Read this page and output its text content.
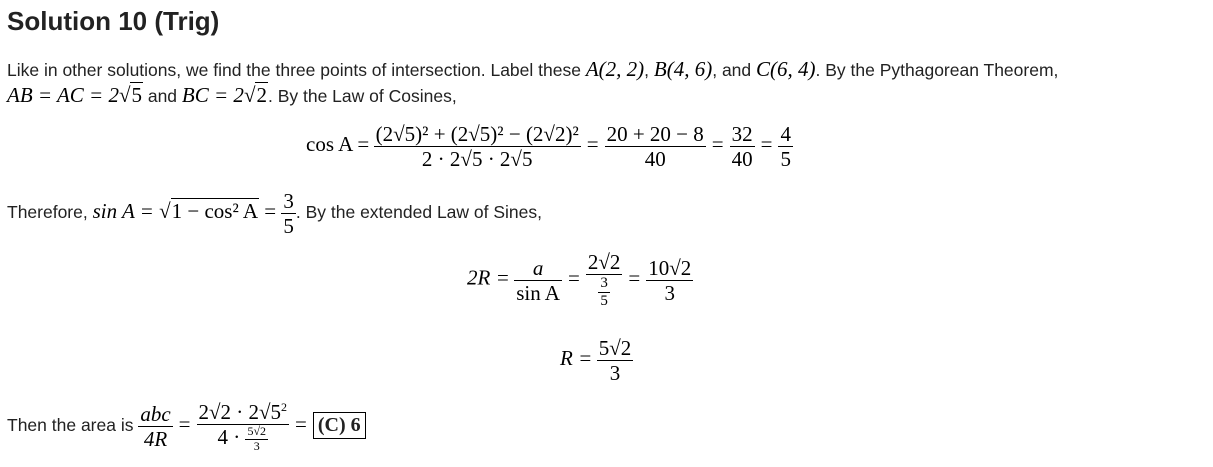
Solution 10 (Trig)
Like in other solutions, we find the three points of intersection. Label these A(2, 2), B(4, 6), and C(6, 4). By the Pythagorean Theorem,
AB = AC = 2√5 and BC = 2√2. By the Law of Cosines,
$\cos A = \frac{\text{(2√5)² + (2√5)² − (2√2)²}}{2 \cdot 2√5 \cdot 2√5} = \frac{20 + 20 - 8}{40} = \frac{32}{40} = \frac{4}{5}$
Therefore, sin A = √1 − cos² $A = \frac{3}{5}$ . By the extended Law of Sines,
$2R = \frac{a}{\text{sin A}} = \frac{2√2}{\frac{3}{5}} = \frac{10√2}{3}$
$R = \frac{5√2}{3}$
Then the area is $\frac{\text{abc}}{4R} = \frac{2√2 \cdot 2√5^2}{4 \cdot \frac{5√2}{3}} = (C)$ 6
